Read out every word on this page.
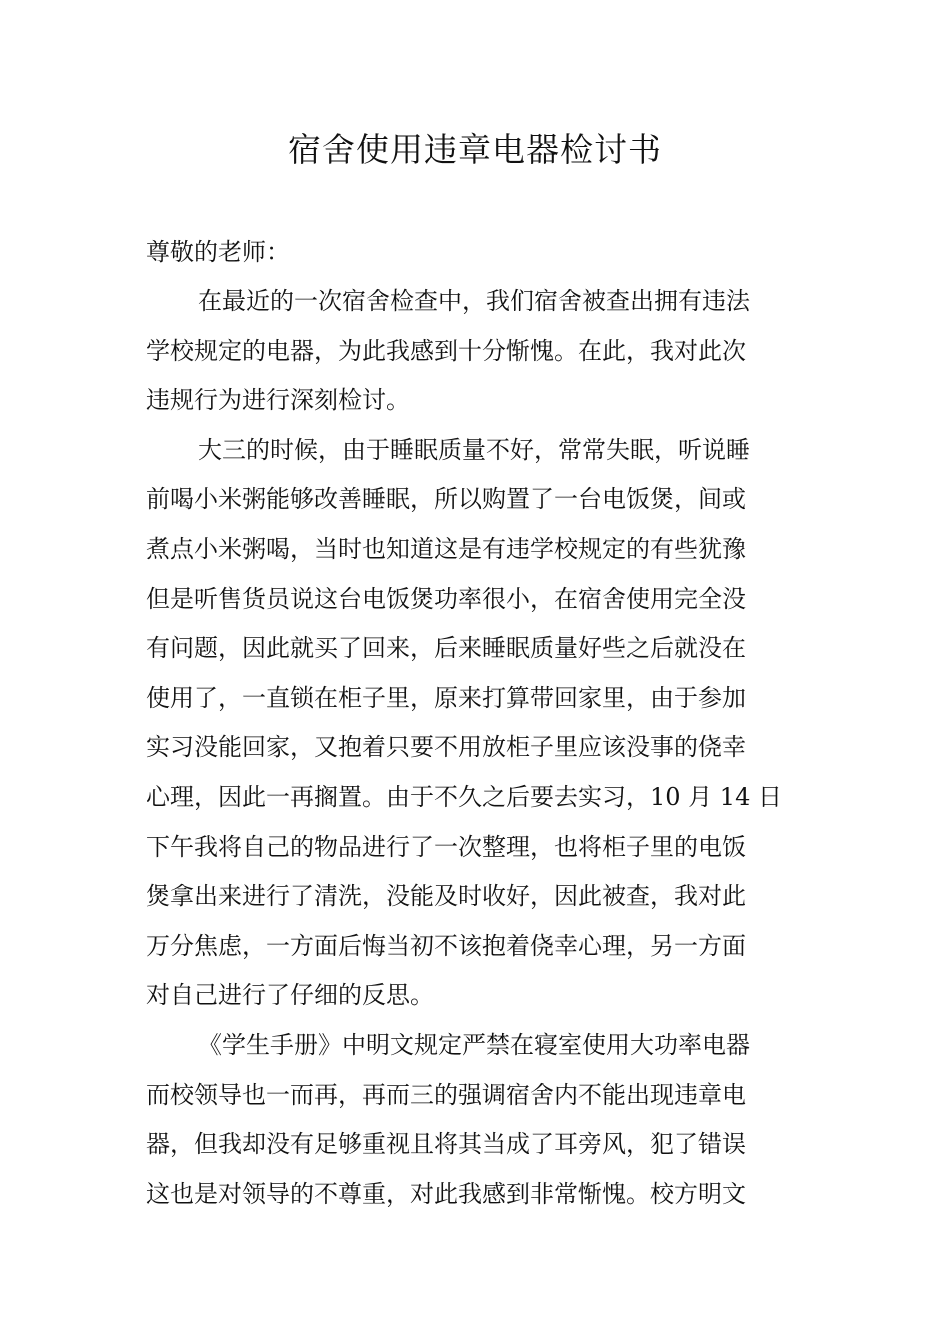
宿舍使用违章电器检讨书
尊敬的老师：
在最近的一次宿舍检查中，我们宿舍被查出拥有违法
学校规定的电器，为此我感到十分惭愧。在此，我对此次
违规行为进行深刻检讨。
大三的时候，由于睡眠质量不好，常常失眠，听说睡
前喝小米粥能够改善睡眠，所以购置了一台电饭煲，间或
煮点小米粥喝，当时也知道这是有违学校规定的有些犹豫
但是听售货员说这台电饭煲功率很小，在宿舍使用完全没
有问题，因此就买了回来，后来睡眠质量好些之后就没在
使用了，一直锁在柜子里，原来打算带回家里，由于参加
实习没能回家，又抱着只要不用放柜子里应该没事的侥幸
心理，因此一再搁置。由于不久之后要去实习，10 月 14 日
下午我将自己的物品进行了一次整理，也将柜子里的电饭
煲拿出来进行了清洗，没能及时收好，因此被查，我对此
万分焦虑，一方面后悔当初不该抱着侥幸心理，另一方面
对自己进行了仔细的反思。
《学生手册》中明文规定严禁在寝室使用大功率电器
而校领导也一而再，再而三的强调宿舍内不能出现违章电
器，但我却没有足够重视且将其当成了耳旁风，犯了错误
这也是对领导的不尊重，对此我感到非常惭愧。校方明文
